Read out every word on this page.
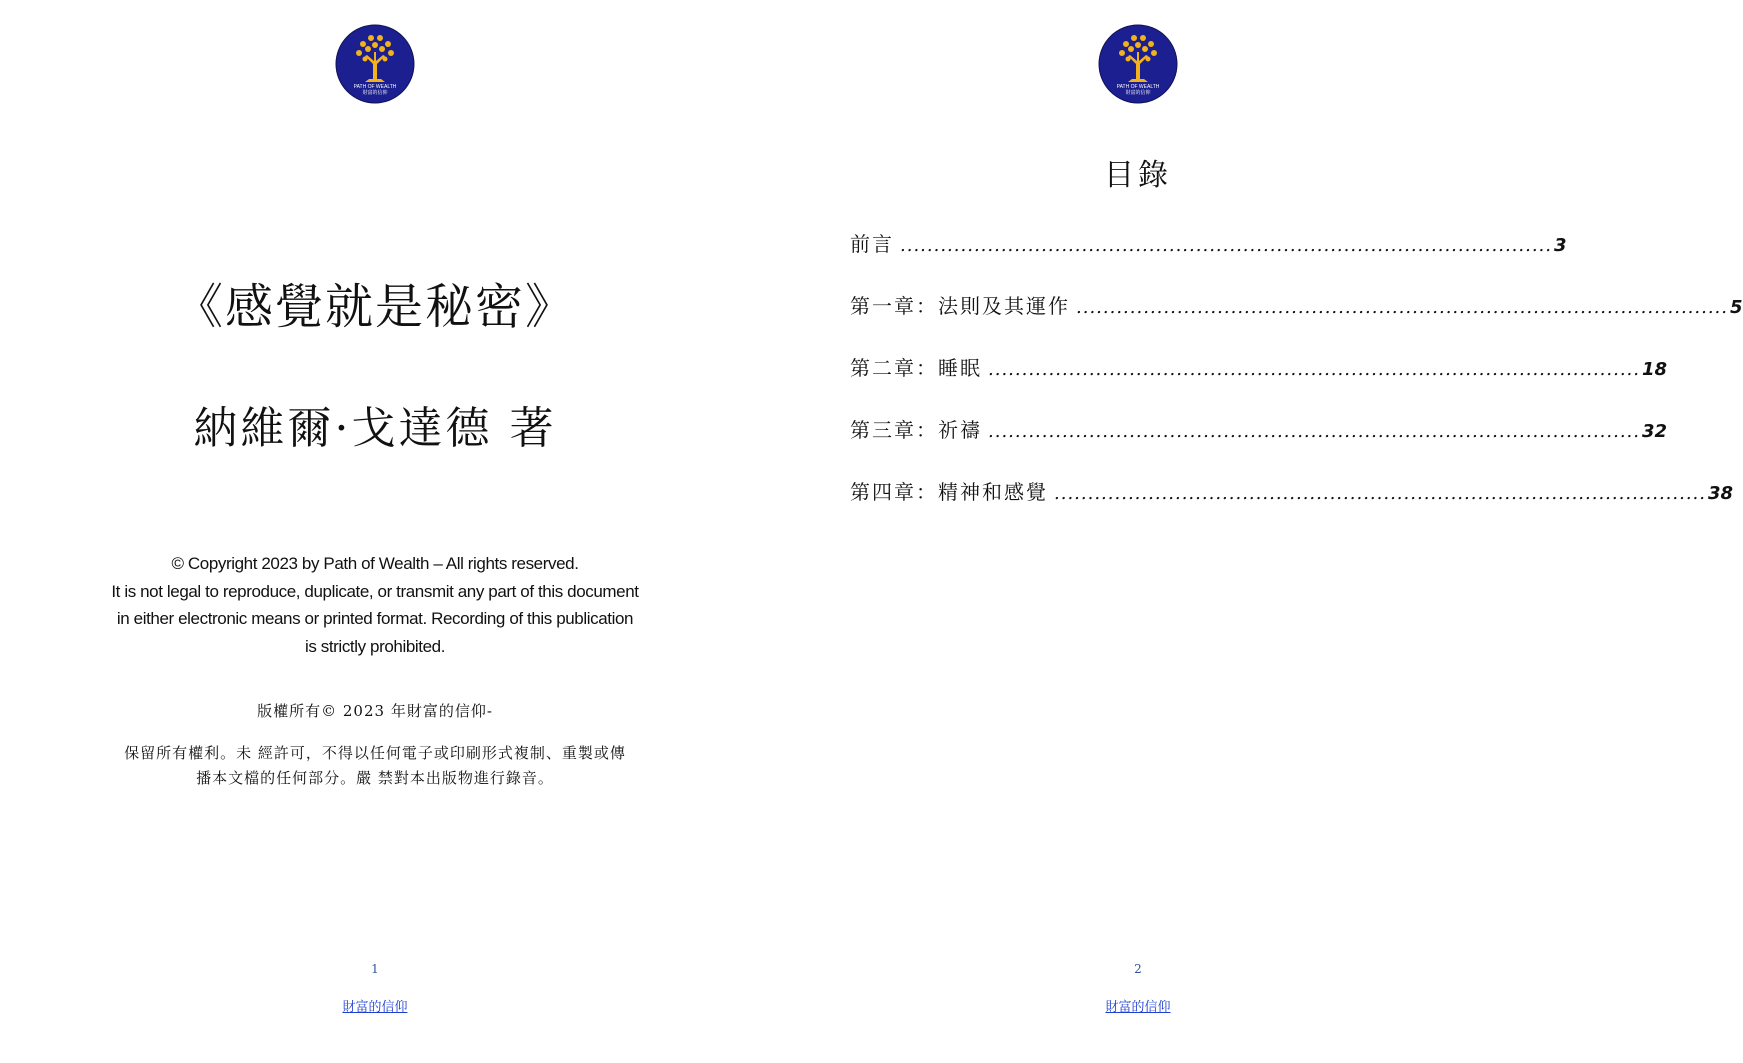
PATH OF WEALTH
財富的信仰
《感覺就是秘密》
納維爾·戈達德 著
© Copyright 2023 by Path of Wealth – All rights reserved.
It is not legal to reproduce, duplicate, or transmit any part of this document
in either electronic means or printed format. Recording of this publication
is strictly prohibited.
版權所有© 2023 年財富的信仰-
保留所有權利。未 經許可，不得以任何電子或印刷形式複制、重製或傳
播本文檔的任何部分。嚴 禁對本出版物進行錄音。
1
財富的信仰
PATH OF WEALTH
財富的信仰
目錄
前言 ................................................................................................. 3
第一章：法則及其運作 ................................................................................................. 5
第二章：睡眠 ................................................................................................. 18
第三章：祈禱 ................................................................................................. 32
第四章：精神和感覺 ................................................................................................. 38
2
財富的信仰
